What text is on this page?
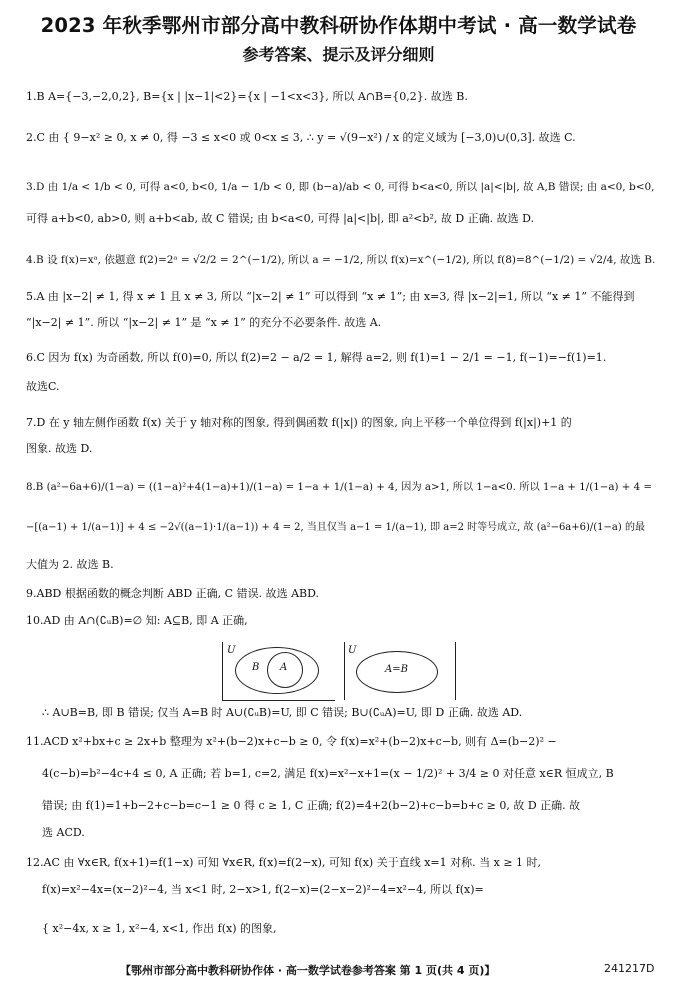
2023 年秋季鄂州市部分高中教科研协作体期中考试 · 高一数学试卷
参考答案、提示及评分细则
1.B A={−3,−2,0,2}, B={x | |x−1|<2}={x | −1<x<3}, 所以 A∩B={0,2}. 故选 B.
2.C 由 { 9−x² ≥ 0, x ≠ 0, 得 −3 ≤ x<0 或 0<x ≤ 3, ∴ y = √(9−x²) / x 的定义域为 [−3,0)∪(0,3]. 故选 C.
3.D 由 1/a < 1/b < 0, 可得 a<0, b<0, 1/a − 1/b < 0, 即 (b−a)/ab < 0, 可得 b<a<0, 所以 |a|<|b|, 故 A,B 错误; 由 a<0, b<0,
可得 a+b<0, ab>0, 则 a+b<ab, 故 C 错误; 由 b<a<0, 可得 |a|<|b|, 即 a²<b², 故 D 正确. 故选 D.
4.B 设 f(x)=xᵃ, 依题意 f(2)=2ᵃ = √2/2 = 2^(−1/2), 所以 a = −1/2, 所以 f(x)=x^(−1/2), 所以 f(8)=8^(−1/2) = √2/4, 故选 B.
5.A 由 |x−2| ≠ 1, 得 x ≠ 1 且 x ≠ 3, 所以 “|x−2| ≠ 1” 可以得到 “x ≠ 1”; 由 x=3, 得 |x−2|=1, 所以 “x ≠ 1” 不能得到
“|x−2| ≠ 1”. 所以 “|x−2| ≠ 1” 是 “x ≠ 1” 的充分不必要条件. 故选 A.
6.C 因为 f(x) 为奇函数, 所以 f(0)=0, 所以 f(2)=2 − a/2 = 1, 解得 a=2, 则 f(1)=1 − 2/1 = −1, f(−1)=−f(1)=1.
故选C.
7.D 在 y 轴左侧作函数 f(x) 关于 y 轴对称的图象, 得到偶函数 f(|x|) 的图象, 向上平移一个单位得到 f(|x|)+1 的
图象. 故选 D.
8.B (a²−6a+6)/(1−a) = ((1−a)²+4(1−a)+1)/(1−a) = 1−a + 1/(1−a) + 4, 因为 a>1, 所以 1−a<0. 所以 1−a + 1/(1−a) + 4 =
−[(a−1) + 1/(a−1)] + 4 ≤ −2√((a−1)·1/(a−1)) + 4 = 2, 当且仅当 a−1 = 1/(a−1), 即 a=2 时等号成立, 故 (a²−6a+6)/(1−a) 的最
大值为 2. 故选 B.
9.ABD 根据函数的概念判断 ABD 正确, C 错误. 故选 ABD.
10.AD 由 A∩(∁ᵤB)=∅ 知: A⊆B, 即 A 正确,
U
B A
U
A=B
∴ A∪B=B, 即 B 错误; 仅当 A=B 时 A∪(∁ᵤB)=U, 即 C 错误; B∪(∁ᵤA)=U, 即 D 正确. 故选 AD.
11.ACD x²+bx+c ≥ 2x+b 整理为 x²+(b−2)x+c−b ≥ 0, 令 f(x)=x²+(b−2)x+c−b, 则有 Δ=(b−2)² −
4(c−b)=b²−4c+4 ≤ 0, A 正确; 若 b=1, c=2, 满足 f(x)=x²−x+1=(x − 1/2)² + 3/4 ≥ 0 对任意 x∈R 恒成立, B
错误; 由 f(1)=1+b−2+c−b=c−1 ≥ 0 得 c ≥ 1, C 正确; f(2)=4+2(b−2)+c−b=b+c ≥ 0, 故 D 正确. 故
选 ACD.
12.AC 由 ∀x∈R, f(x+1)=f(1−x) 可知 ∀x∈R, f(x)=f(2−x), 可知 f(x) 关于直线 x=1 对称. 当 x ≥ 1 时,
f(x)=x²−4x=(x−2)²−4, 当 x<1 时, 2−x>1, f(2−x)=(2−x−2)²−4=x²−4, 所以 f(x)=
{ x²−4x, x ≥ 1, x²−4, x<1, 作出 f(x) 的图象,
【鄂州市部分高中教科研协作体 · 高一数学试卷参考答案 第 1 页(共 4 页)】	241217D
